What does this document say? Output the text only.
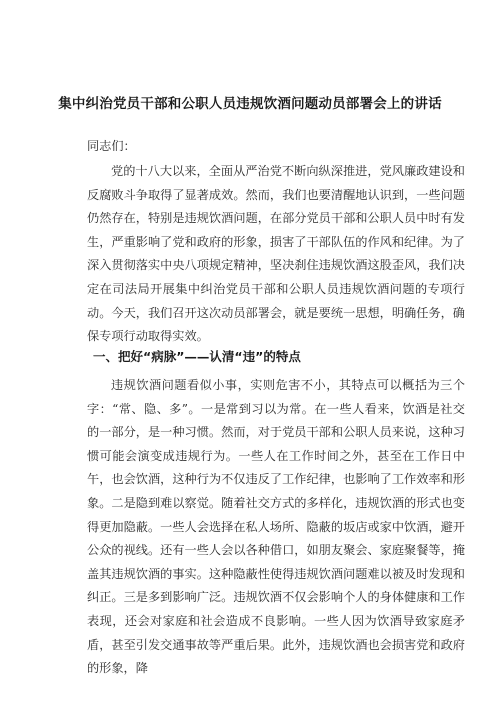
集中纠治党员干部和公职人员违规饮酒问题动员部署会上的讲话
同志们：
党的十八大以来，全面从严治党不断向纵深推进，党风廉政建设和反腐败斗争取得了显著成效。然而，我们也要清醒地认识到，一些问题仍然存在，特别是违规饮酒问题，在部分党员干部和公职人员中时有发生，严重影响了党和政府的形象，损害了干部队伍的作风和纪律。为了深入贯彻落实中央八项规定精神，坚决刹住违规饮酒这股歪风，我们决定在司法局开展集中纠治党员干部和公职人员违规饮酒问题的专项行动。今天，我们召开这次动员部署会，就是要统一思想，明确任务，确保专项行动取得实效。
一、把好“病脉”——认清“违”的特点
违规饮酒问题看似小事，实则危害不小，其特点可以概括为三个字：“常、隐、多”。一是常到习以为常。在一些人看来，饮酒是社交的一部分，是一种习惯。然而，对于党员干部和公职人员来说，这种习惯可能会演变成违规行为。一些人在工作时间之外，甚至在工作日中午，也会饮酒，这种行为不仅违反了工作纪律，也影响了工作效率和形象。二是隐到难以察觉。随着社交方式的多样化，违规饮酒的形式也变得更加隐蔽。一些人会选择在私人场所、隐蔽的坂店或家中饮酒，避开公众的视线。还有一些人会以各种借口，如朋友聚会、家庭聚餐等，掩盖其违规饮酒的事实。这种隐蔽性使得违规饮酒问题难以被及时发现和纠正。三是多到影响广泛。违规饮酒不仅会影响个人的身体健康和工作表现，还会对家庭和社会造成不良影响。一些人因为饮酒导致家庭矛盾，甚至引发交通事故等严重后果。此外，违规饮酒也会损害党和政府的形象，降
